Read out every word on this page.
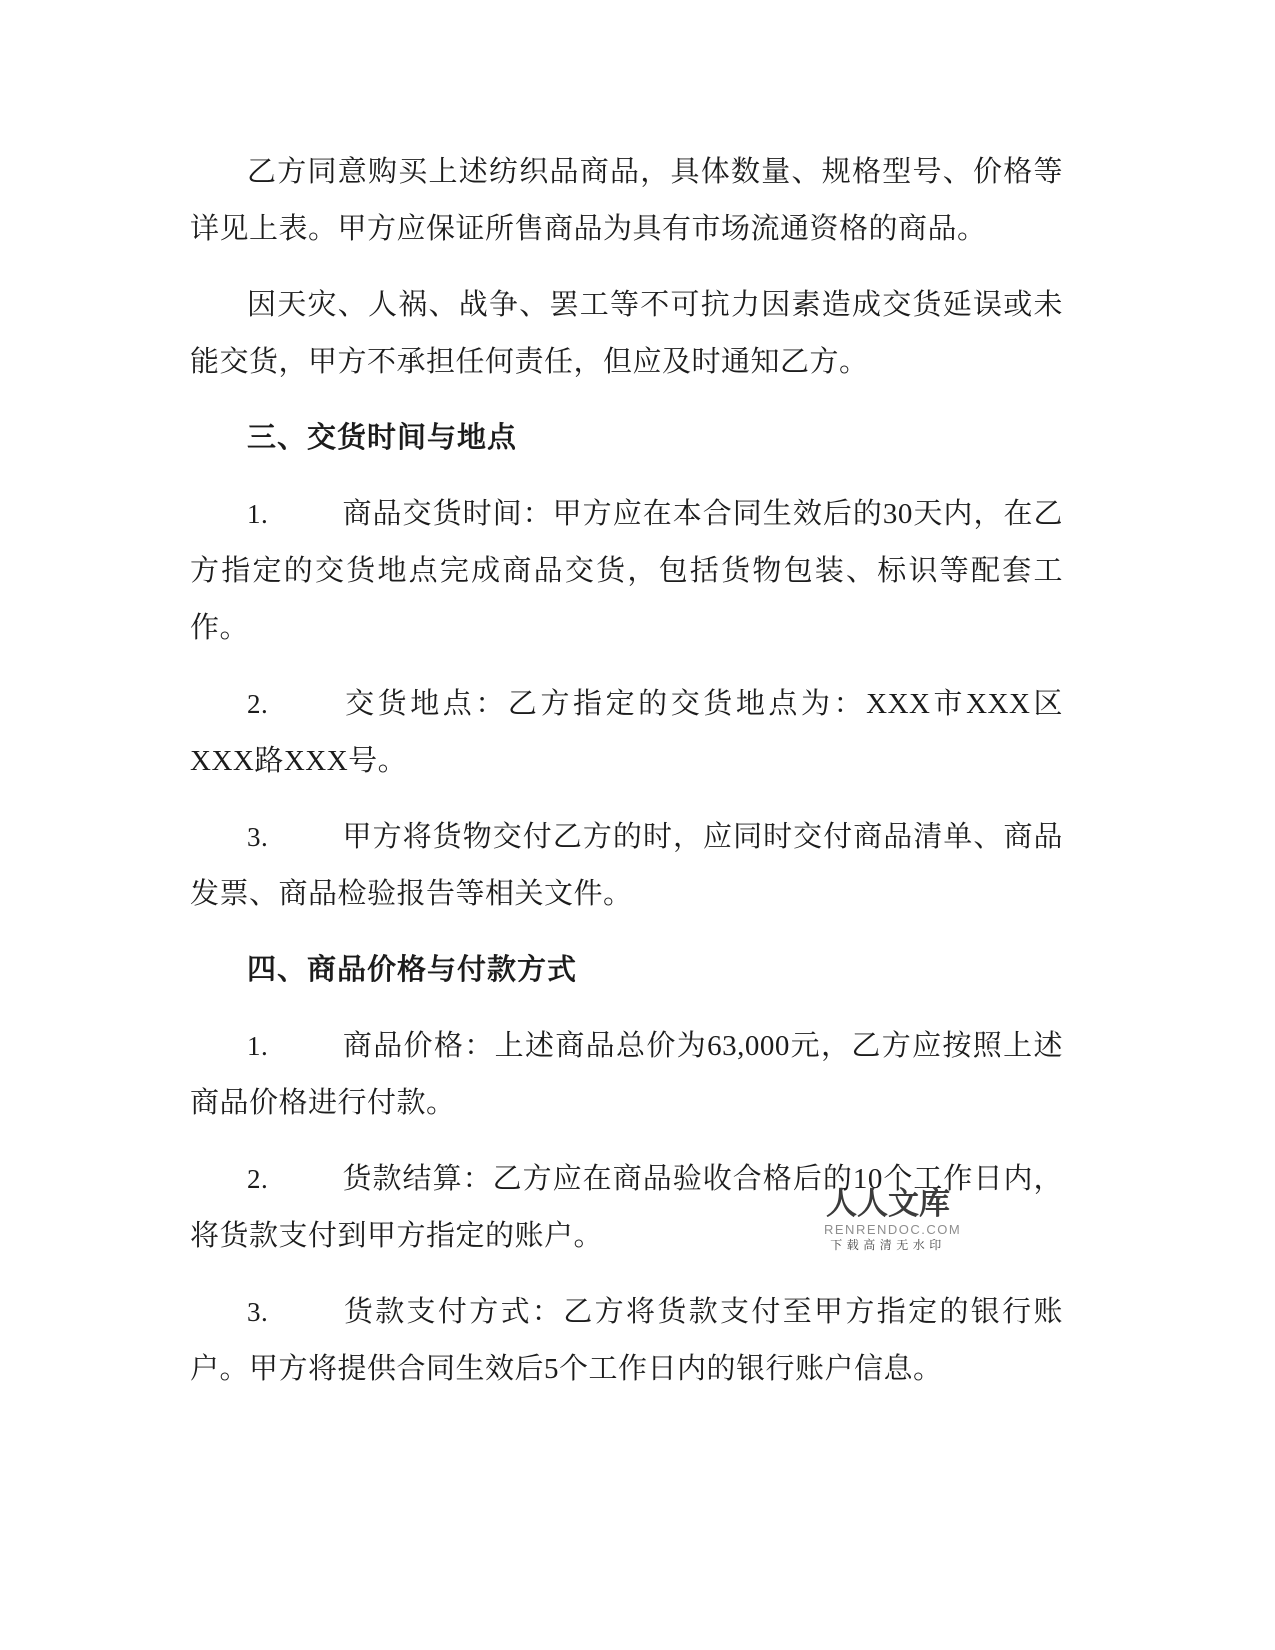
乙方同意购买上述纺织品商品，具体数量、规格型号、价格等详见上表。甲方应保证所售商品为具有市场流通资格的商品。

因天灾、人祸、战争、罢工等不可抗力因素造成交货延误或未能交货，甲方不承担任何责任，但应及时通知乙方。

三、交货时间与地点

1.	商品交货时间：甲方应在本合同生效后的30天内，在乙方指定的交货地点完成商品交货，包括货物包装、标识等配套工作。

2.	交货地点：乙方指定的交货地点为：XXX市XXX区XXX路XXX号。

3.	甲方将货物交付乙方的时，应同时交付商品清单、商品发票、商品检验报告等相关文件。

四、商品价格与付款方式

1.	商品价格：上述商品总价为63,000元，乙方应按照上述商品价格进行付款。

2.	货款结算：乙方应在商品验收合格后的10个工作日内，将货款支付到甲方指定的账户。

3.	货款支付方式：乙方将货款支付至甲方指定的银行账户。甲方将提供合同生效后5个工作日内的银行账户信息。

人人文库
RENRENDOC.COM
下载高清无水印
